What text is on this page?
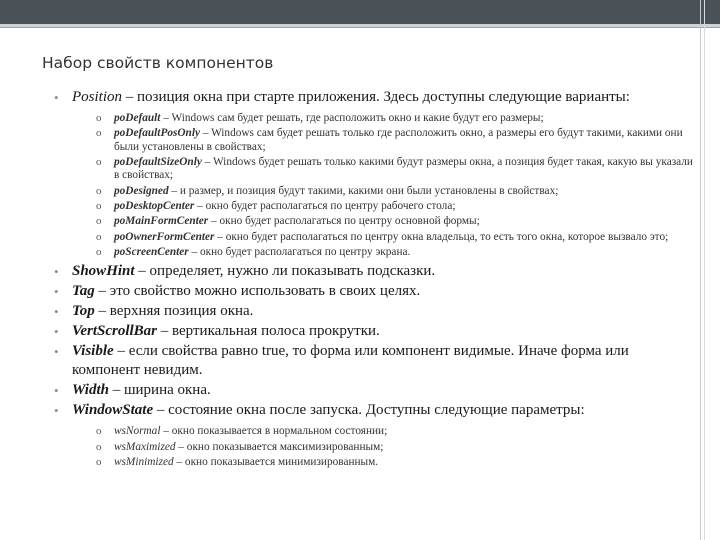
Набор свойств компонентов
• Position – позиция окна при старте приложения. Здесь доступны следующие варианты:
o poDefault – Windows сам будет решать, где расположить окно и какие будут его размеры;
o poDefaultPosOnly – Windows сам будет решать только где расположить окно, а размеры его будут такими, какими они были установлены в свойствах;
o poDefaultSizeOnly – Windows будет решать только какими будут размеры окна, а позиция будет такая, какую вы указали в свойствах;
o poDesigned – и размер, и позиция будут такими, какими они были установлены в свойствах;
o poDesktopCenter – окно будет располагаться по центру рабочего стола;
o poMainFormCenter – окно будет располагаться по центру основной формы;
o poOwnerFormCenter – окно будет располагаться по центру окна владельца, то есть того окна, которое вызвало это;
o poScreenCenter – окно будет располагаться по центру экрана.
• ShowHint – определяет, нужно ли показывать подсказки.
• Tag – это свойство можно использовать в своих целях.
• Top – верхняя позиция окна.
• VertScrollBar – вертикальная полоса прокрутки.
• Visible – если свойства равно true, то форма или компонент видимые. Иначе форма или компонент невидим.
• Width – ширина окна.
• WindowState – состояние окна после запуска. Доступны следующие параметры:
o wsNormal – окно показывается в нормальном состоянии;
o wsMaximized – окно показывается максимизированным;
o wsMinimized – окно показывается минимизированным.
